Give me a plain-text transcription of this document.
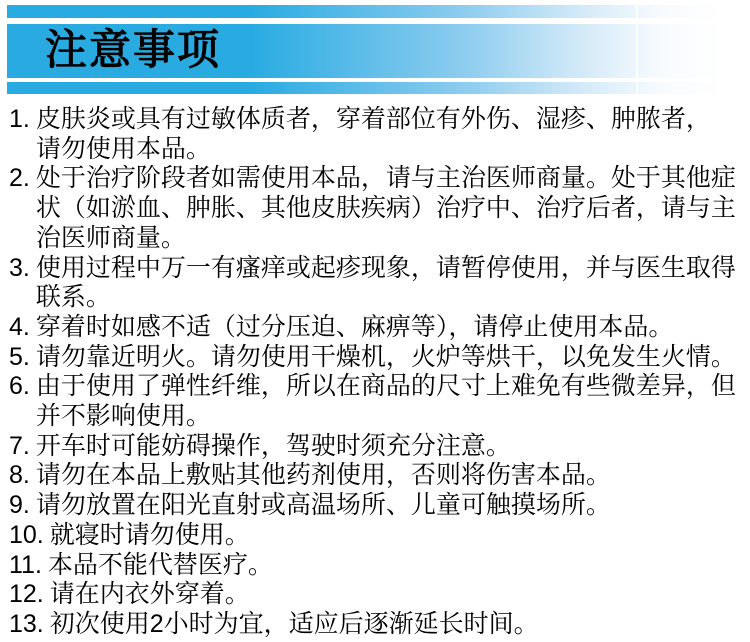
注意事项
1. 皮肤炎或具有过敏体质者，穿着部位有外伤、湿疹、肿脓者，
请勿使用本品。
2. 处于治疗阶段者如需使用本品，请与主治医师商量。处于其他症
状（如淤血、肿胀、其他皮肤疾病）治疗中、治疗后者，请与主
治医师商量。
3. 使用过程中万一有瘙痒或起疹现象，请暂停使用，并与医生取得
联系。
4. 穿着时如感不适（过分压迫、麻痹等），请停止使用本品。
5. 请勿靠近明火。请勿使用干燥机，火炉等烘干，以免发生火情。
6. 由于使用了弹性纤维，所以在商品的尺寸上难免有些微差异，但
并不影响使用。
7. 开车时可能妨碍操作，驾驶时须充分注意。
8. 请勿在本品上敷贴其他药剂使用，否则将伤害本品。
9. 请勿放置在阳光直射或高温场所、儿童可触摸场所。
10. 就寝时请勿使用。
11. 本品不能代替医疗。
12. 请在内衣外穿着。
13. 初次使用2小时为宜，适应后逐渐延长时间。
